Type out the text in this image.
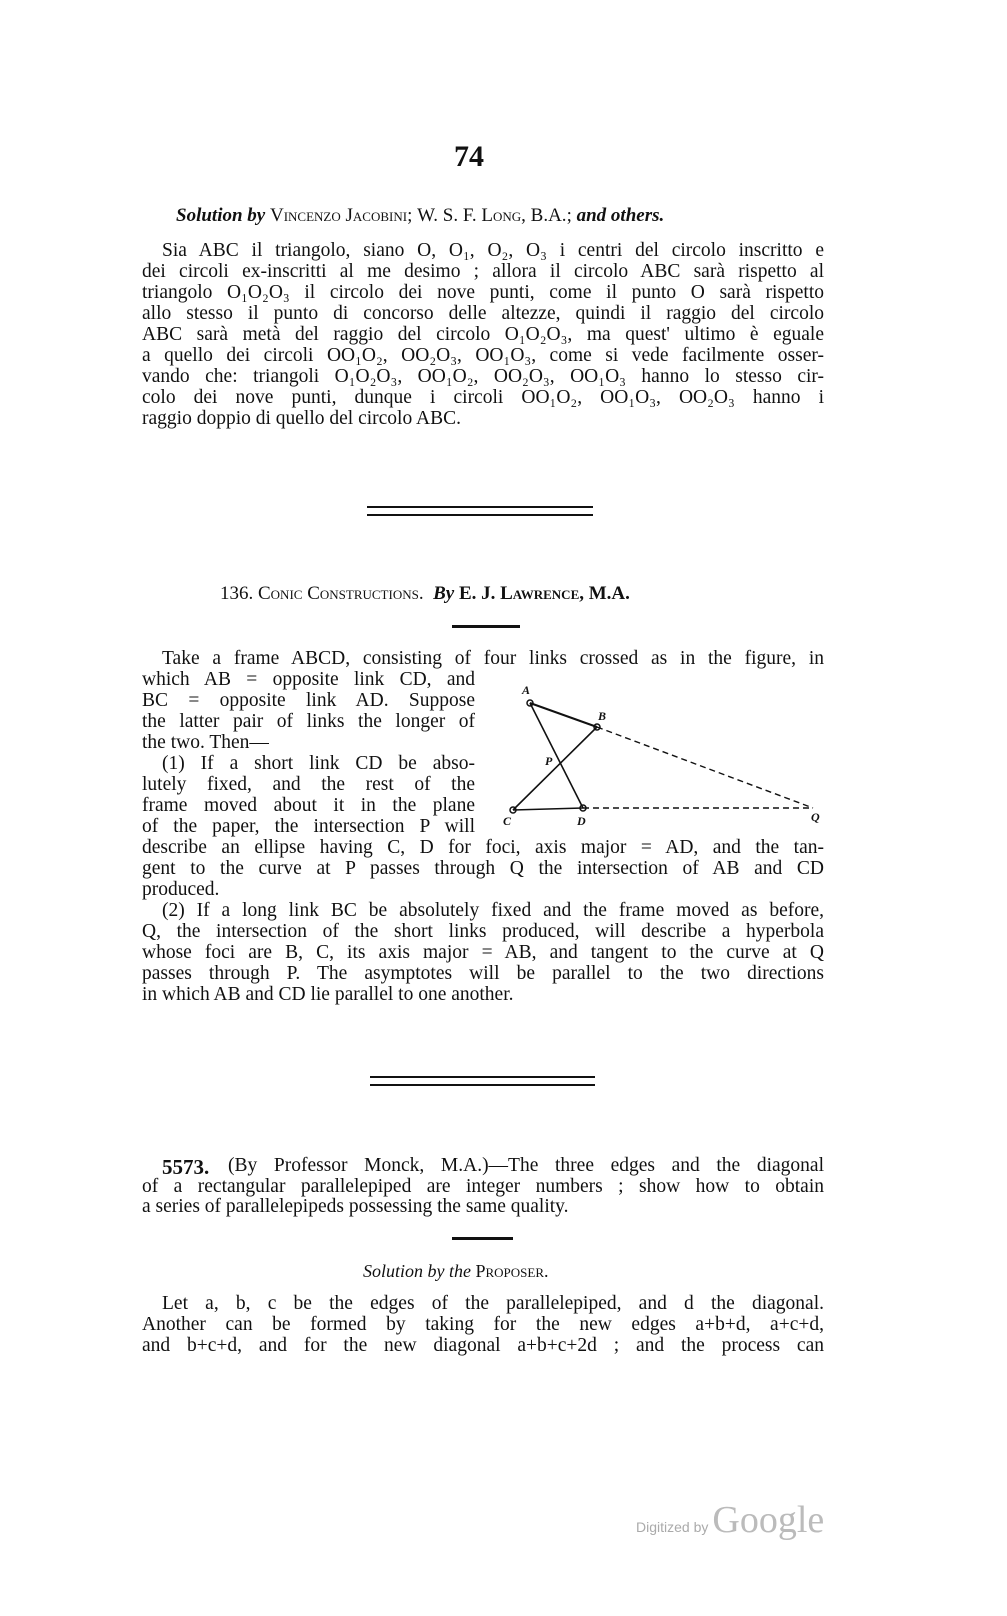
74
Solution by Vincenzo Jacobini; W. S. F. Long, B.A.; and others.
Sia ABC il triangolo, siano O, O₁, O₂, O₃ i centri del circolo inscritto e
dei circoli ex-inscritti al me desimo ; allora il circolo ABC sarà rispetto al
triangolo O₁O₂O₃ il circolo dei nove punti, come il punto O sarà rispetto
allo stesso il punto di concorso delle altezze, quindi il raggio del circolo
ABC sarà metà del raggio del circolo O₁O₂O₃, ma quest' ultimo è eguale
a quello dei circoli OO₁O₂, OO₂O₃, OO₁O₃, come si vede facilmente osser-
vando che: triangoli O₁O₂O₃, OO₁O₂, OO₂O₃, OO₁O₃ hanno lo stesso cir-
colo dei nove punti, dunque i circoli OO₁O₂, OO₁O₃, OO₂O₃ hanno i
raggio doppio di quello del circolo ABC.
136. Conic Constructions. By E. J. Lawrence, M.A.
Take a frame ABCD, consisting of four links crossed as in the figure, in
which AB = opposite link CD, and
BC = opposite link AD. Suppose
the latter pair of links the longer of
the two. Then—
(1) If a short link CD be abso-
lutely fixed, and the rest of the
frame moved about it in the plane
of the paper, the intersection P will
describe an ellipse having C, D for foci, axis major = AD, and the tan-
gent to the curve at P passes through Q the intersection of AB and CD
produced.
(2) If a long link BC be absolutely fixed and the frame moved as before,
Q, the intersection of the short links produced, will describe a hyperbola
whose foci are B, C, its axis major = AB, and tangent to the curve at Q
passes through P. The asymptotes will be parallel to the two directions
in which AB and CD lie parallel to one another.
A
B
P
C	D	Q
5573. (By Professor Monck, M.A.)—The three edges and the diagonal
of a rectangular parallelepiped are integer numbers ; show how to obtain
a series of parallelepipeds possessing the same quality.
Solution by the Proposer.
Let a, b, c be the edges of the parallelepiped, and d the diagonal.
Another can be formed by taking for the new edges a+b+d, a+c+d,
and b+c+d, and for the new diagonal a+b+c+2d ; and the process can
Digitized by Google
